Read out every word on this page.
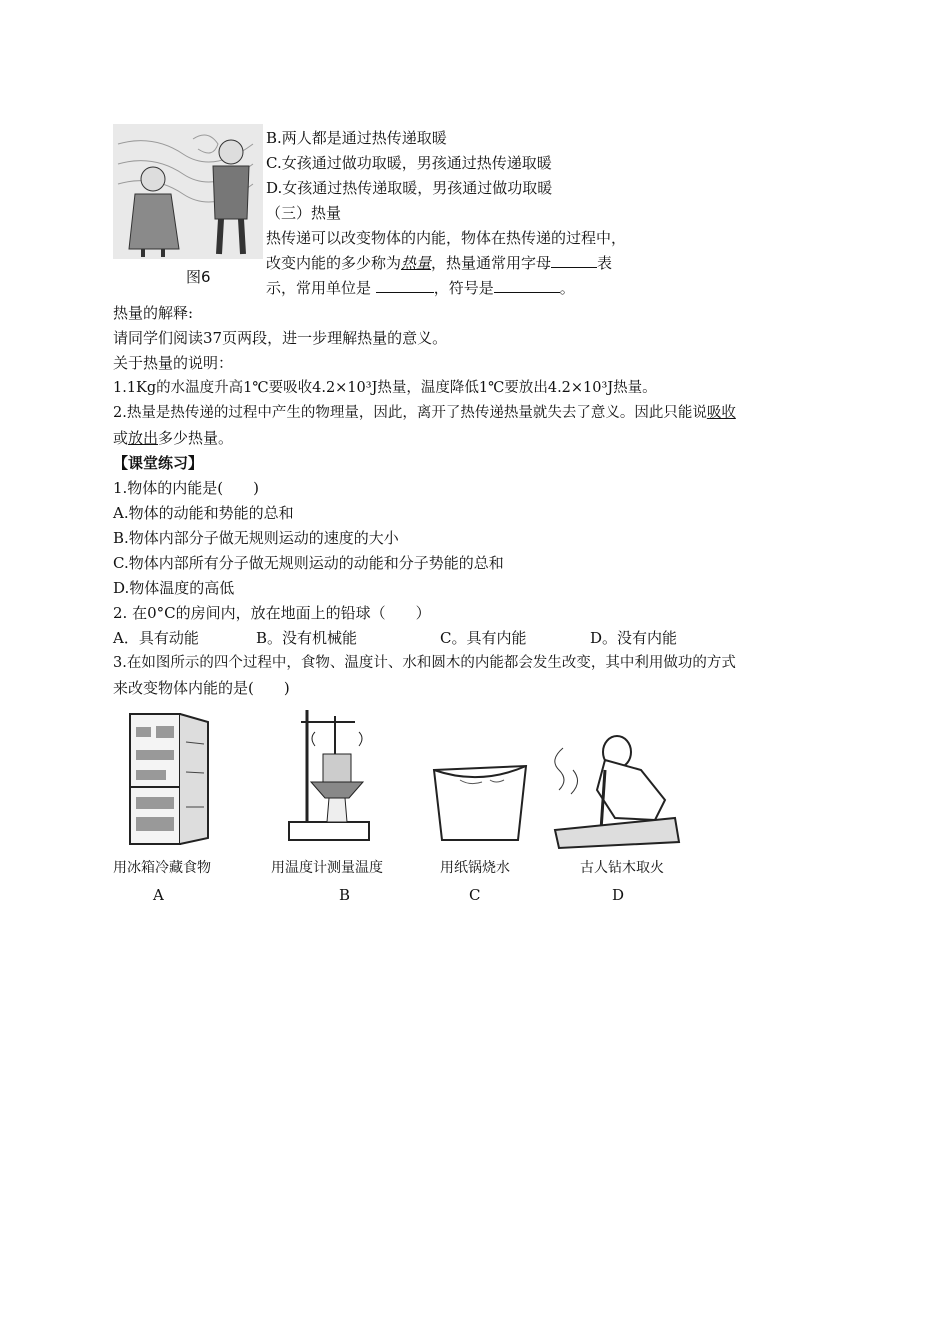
图6
B.两人都是通过热传递取暖
C.女孩通过做功取暖，男孩通过热传递取暖
D.女孩通过热传递取暖，男孩通过做功取暖
（三）热量
热传递可以改变物体的内能，物体在热传递的过程中，
改变内能的多少称为热量，热量通常用字母	表
示，常用单位是	，符号是	。
热量的解释:
请同学们阅读37页两段，进一步理解热量的意义。
关于热量的说明：
1.1Kg的水温度升高1℃要吸收4.2×10³J热量，温度降低1℃要放出4.2×10³J热量。
2.热量是热传递的过程中产生的物理量，因此，离开了热传递热量就失去了意义。因此只能说吸收
或放出多少热量。
【课堂练习】
1.物体的内能是(　　)
A.物体的动能和势能的总和
B.物体内部分子做无规则运动的速度的大小
C.物体内部所有分子做无规则运动的动能和分子势能的总和
D.物体温度的高低
2. 在0°C的房间内，放在地面上的铅球（　　）
A．具有动能	B。没有机械能	C。具有内能	D。没有内能
3.在如图所示的四个过程中，食物、温度计、水和圆木的内能都会发生改变，其中利用做功的方式
来改变物体内能的是(　　)
用冰箱冷藏食物	用温度计测量温度	用纸锅烧水	古人钻木取火
A	B	C	D
